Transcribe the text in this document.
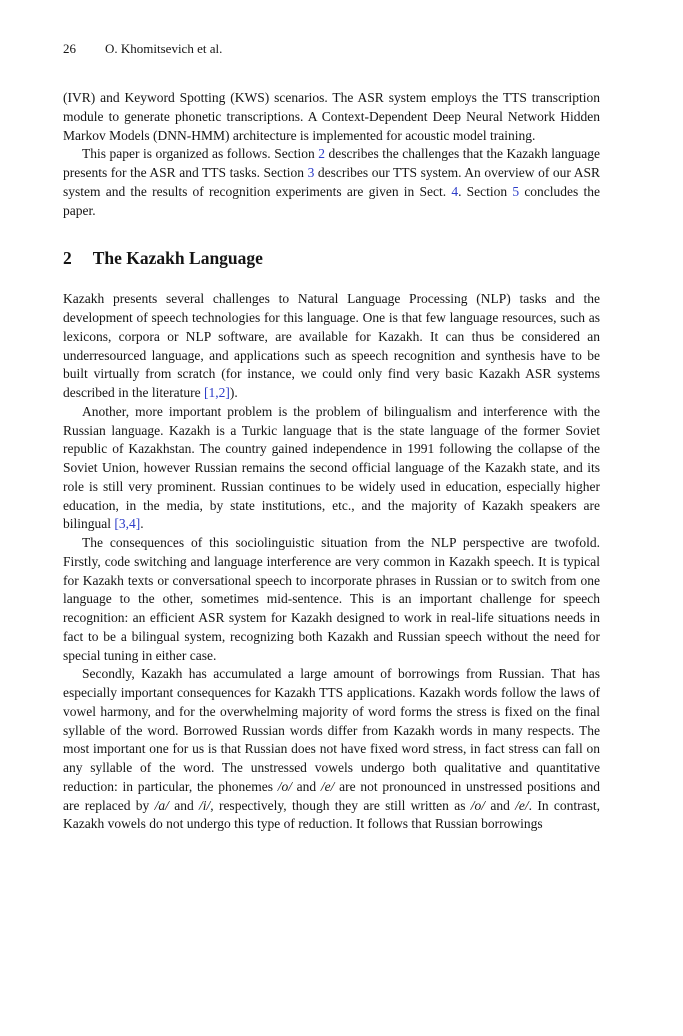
26 O. Khomitsevich et al.

(IVR) and Keyword Spotting (KWS) scenarios. The ASR system employs the TTS transcription module to generate phonetic transcriptions. A Context-Dependent Deep Neural Network Hidden Markov Models (DNN-HMM) architecture is implemented for acoustic model training.

This paper is organized as follows. Section 2 describes the challenges that the Kazakh language presents for the ASR and TTS tasks. Section 3 describes our TTS system. An overview of our ASR system and the results of recognition experiments are given in Sect. 4. Section 5 concludes the paper.

2 The Kazakh Language

Kazakh presents several challenges to Natural Language Processing (NLP) tasks and the development of speech technologies for this language. One is that few language resources, such as lexicons, corpora or NLP software, are available for Kazakh. It can thus be considered an underresourced language, and applications such as speech recognition and synthesis have to be built virtually from scratch (for instance, we could only find very basic Kazakh ASR systems described in the literature [1,2]).

Another, more important problem is the problem of bilingualism and interference with the Russian language. Kazakh is a Turkic language that is the state language of the former Soviet republic of Kazakhstan. The country gained independence in 1991 following the collapse of the Soviet Union, however Russian remains the second official language of the Kazakh state, and its role is still very prominent. Russian continues to be widely used in education, especially higher education, in the media, by state institutions, etc., and the majority of Kazakh speakers are bilingual [3,4].

The consequences of this sociolinguistic situation from the NLP perspective are twofold. Firstly, code switching and language interference are very common in Kazakh speech. It is typical for Kazakh texts or conversational speech to incorporate phrases in Russian or to switch from one language to the other, sometimes mid-sentence. This is an important challenge for speech recognition: an efficient ASR system for Kazakh designed to work in real-life situations needs in fact to be a bilingual system, recognizing both Kazakh and Russian speech without the need for special tuning in either case.

Secondly, Kazakh has accumulated a large amount of borrowings from Russian. That has especially important consequences for Kazakh TTS applications. Kazakh words follow the laws of vowel harmony, and for the overwhelming majority of word forms the stress is fixed on the final syllable of the word. Borrowed Russian words differ from Kazakh words in many respects. The most important one for us is that Russian does not have fixed word stress, in fact stress can fall on any syllable of the word. The unstressed vowels undergo both qualitative and quantitative reduction: in particular, the phonemes /o/ and /e/ are not pronounced in unstressed positions and are replaced by /a/ and /i/, respectively, though they are still written as /o/ and /e/. In contrast, Kazakh vowels do not undergo this type of reduction. It follows that Russian borrowings
